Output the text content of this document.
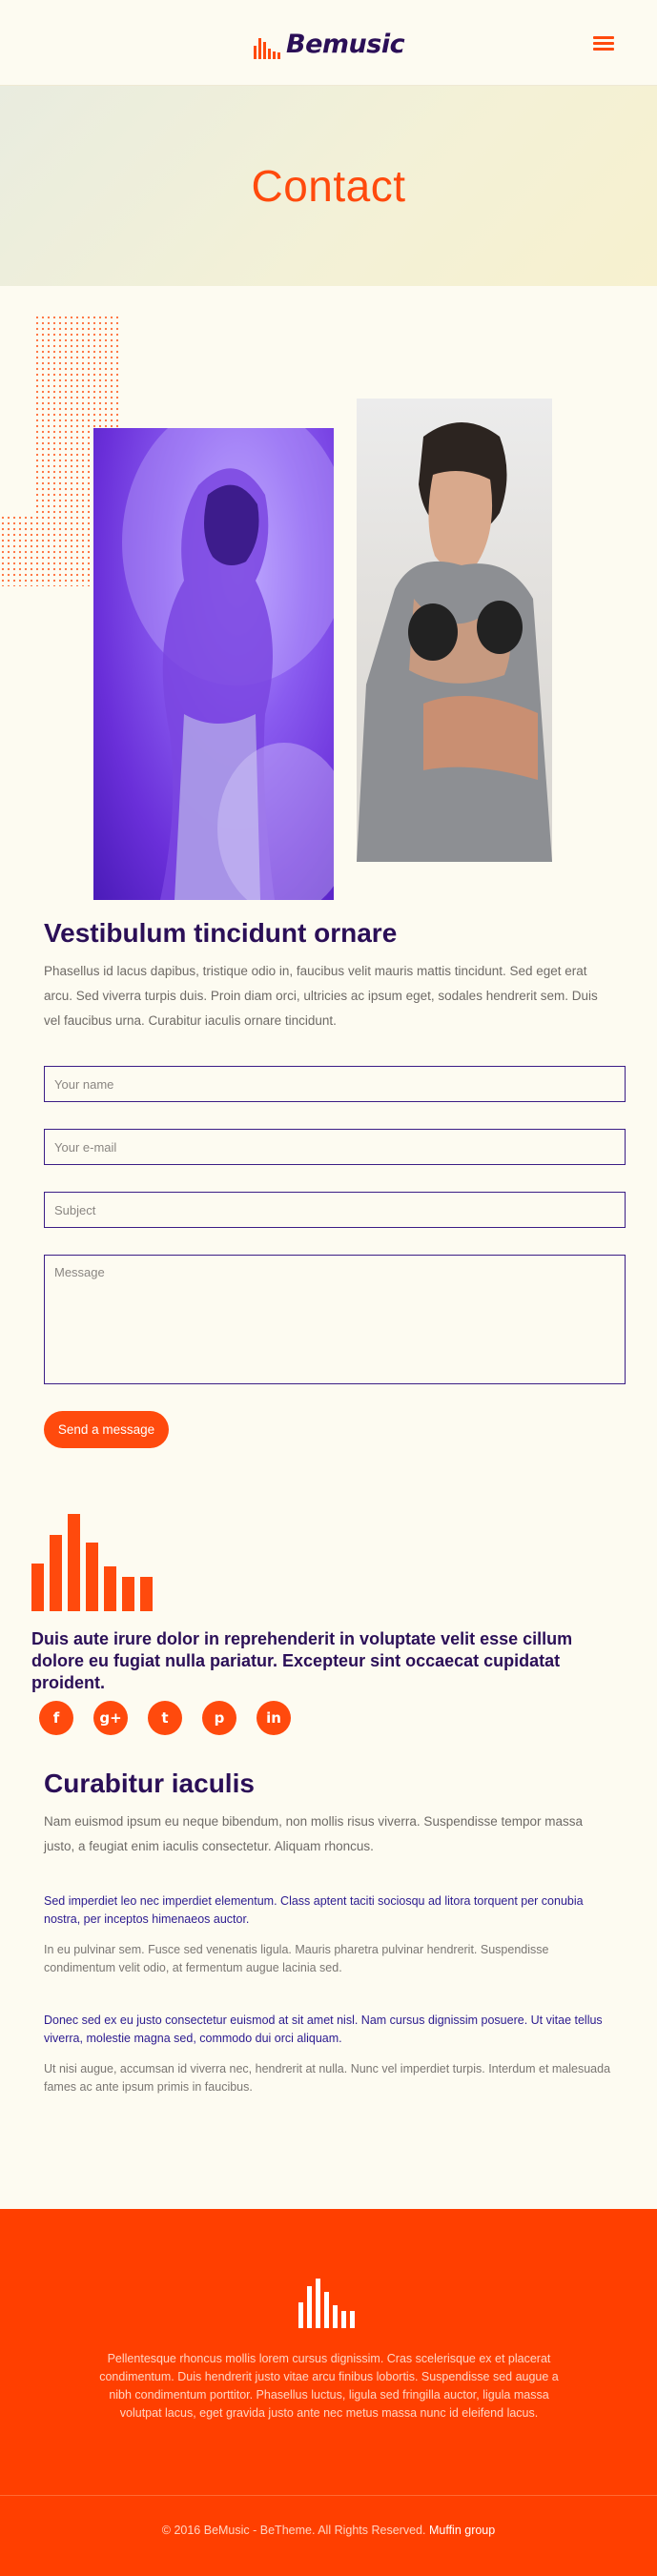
Bemusic
Contact
Vestibulum tincidunt ornare

Phasellus id lacus dapibus, tristique odio in, faucibus velit mauris mattis tincidunt. Sed eget erat arcu. Sed viverra turpis duis. Proin diam orci, ultricies ac ipsum eget, sodales hendrerit sem. Duis vel faucibus urna. Curabitur iaculis ornare tincidunt.

Your name
Your e-mail
Subject
Message
Send a message

Duis aute irure dolor in reprehenderit in voluptate velit esse cillum dolore eu fugiat nulla pariatur. Excepteur sint occaecat cupidatat proident.

f	g+	t	p	in
Curabitur iaculis

Nam euismod ipsum eu neque bibendum, non mollis risus viverra. Suspendisse tempor massa justo, a feugiat enim iaculis consectetur. Aliquam rhoncus.

Sed imperdiet leo nec imperdiet elementum. Class aptent taciti sociosqu ad litora torquent per conubia nostra, per inceptos himenaeos auctor.

In eu pulvinar sem. Fusce sed venenatis ligula. Mauris pharetra pulvinar hendrerit. Suspendisse condimentum velit odio, at fermentum augue lacinia sed.

Donec sed ex eu justo consectetur euismod at sit amet nisl. Nam cursus dignissim posuere. Ut vitae tellus viverra, molestie magna sed, commodo dui orci aliquam.

Ut nisi augue, accumsan id viverra nec, hendrerit at nulla. Nunc vel imperdiet turpis. Interdum et malesuada fames ac ante ipsum primis in faucibus.

Pellentesque rhoncus mollis lorem cursus dignissim. Cras scelerisque ex et placerat condimentum. Duis hendrerit justo vitae arcu finibus lobortis. Suspendisse sed augue a nibh condimentum porttitor. Phasellus luctus, ligula sed fringilla auctor, ligula massa volutpat lacus, eget gravida justo ante nec metus massa nunc id eleifend lacus.

© 2016 BeMusic - BeTheme. All Rights Reserved. Muffin group
